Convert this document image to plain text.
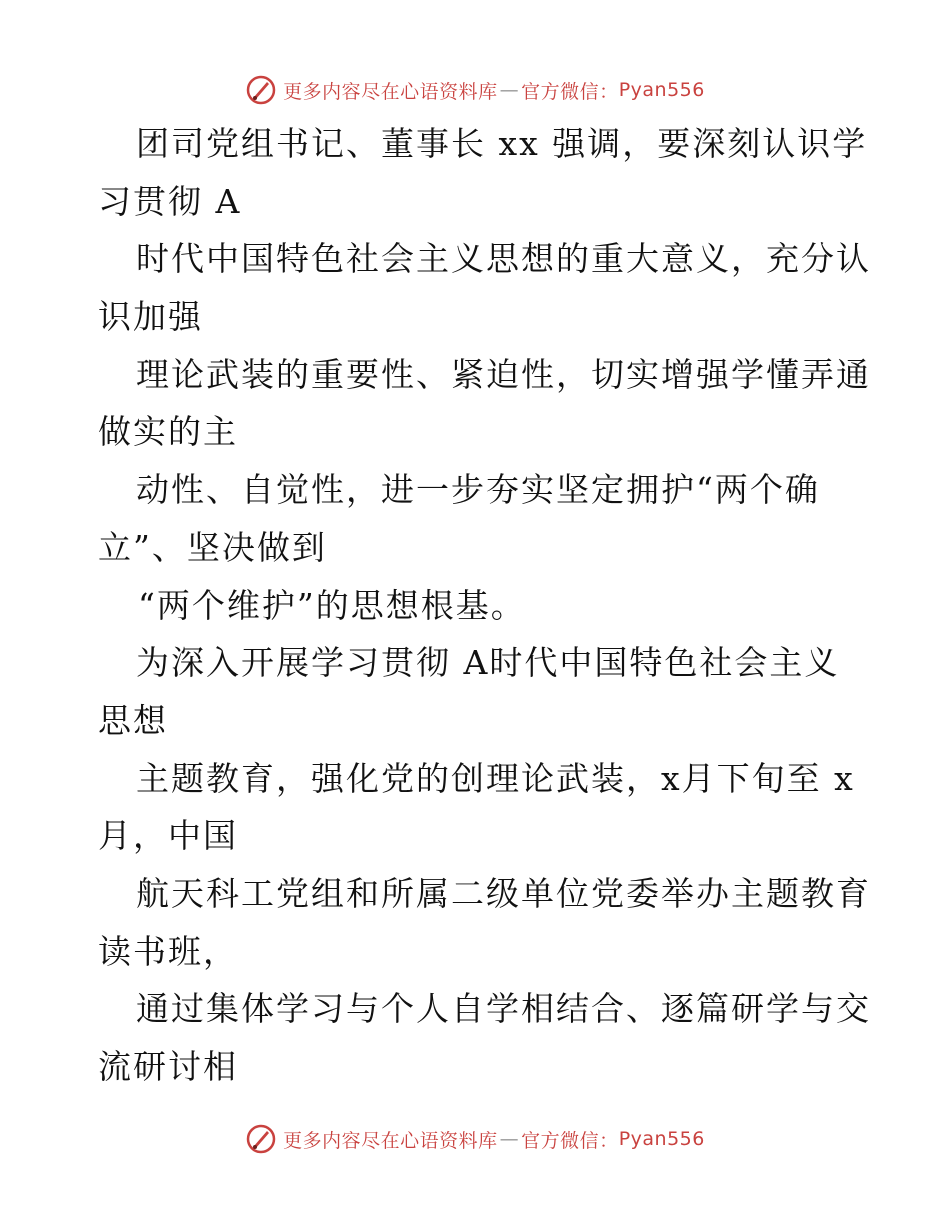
更多内容尽在心语资料库 — 官方微信： Pyan556
团司党组书记、董事长 xx 强调，要深刻认识学
习贯彻 A
时代中国特色社会主义思想的重大意义，充分认
识加强
理论武装的重要性、紧迫性，切实增强学懂弄通
做实的主
动性、自觉性，进一步夯实坚定拥护“两个确
立”、坚决做到
“两个维护”的思想根基。
为深入开展学习贯彻 A时代中国特色社会主义
思想
主题教育，强化党的创理论武装，x月下旬至 x
月，中国
航天科工党组和所属二级单位党委举办主题教育
读书班，
通过集体学习与个人自学相结合、逐篇研学与交
流研讨相
更多内容尽在心语资料库 — 官方微信： Pyan556
